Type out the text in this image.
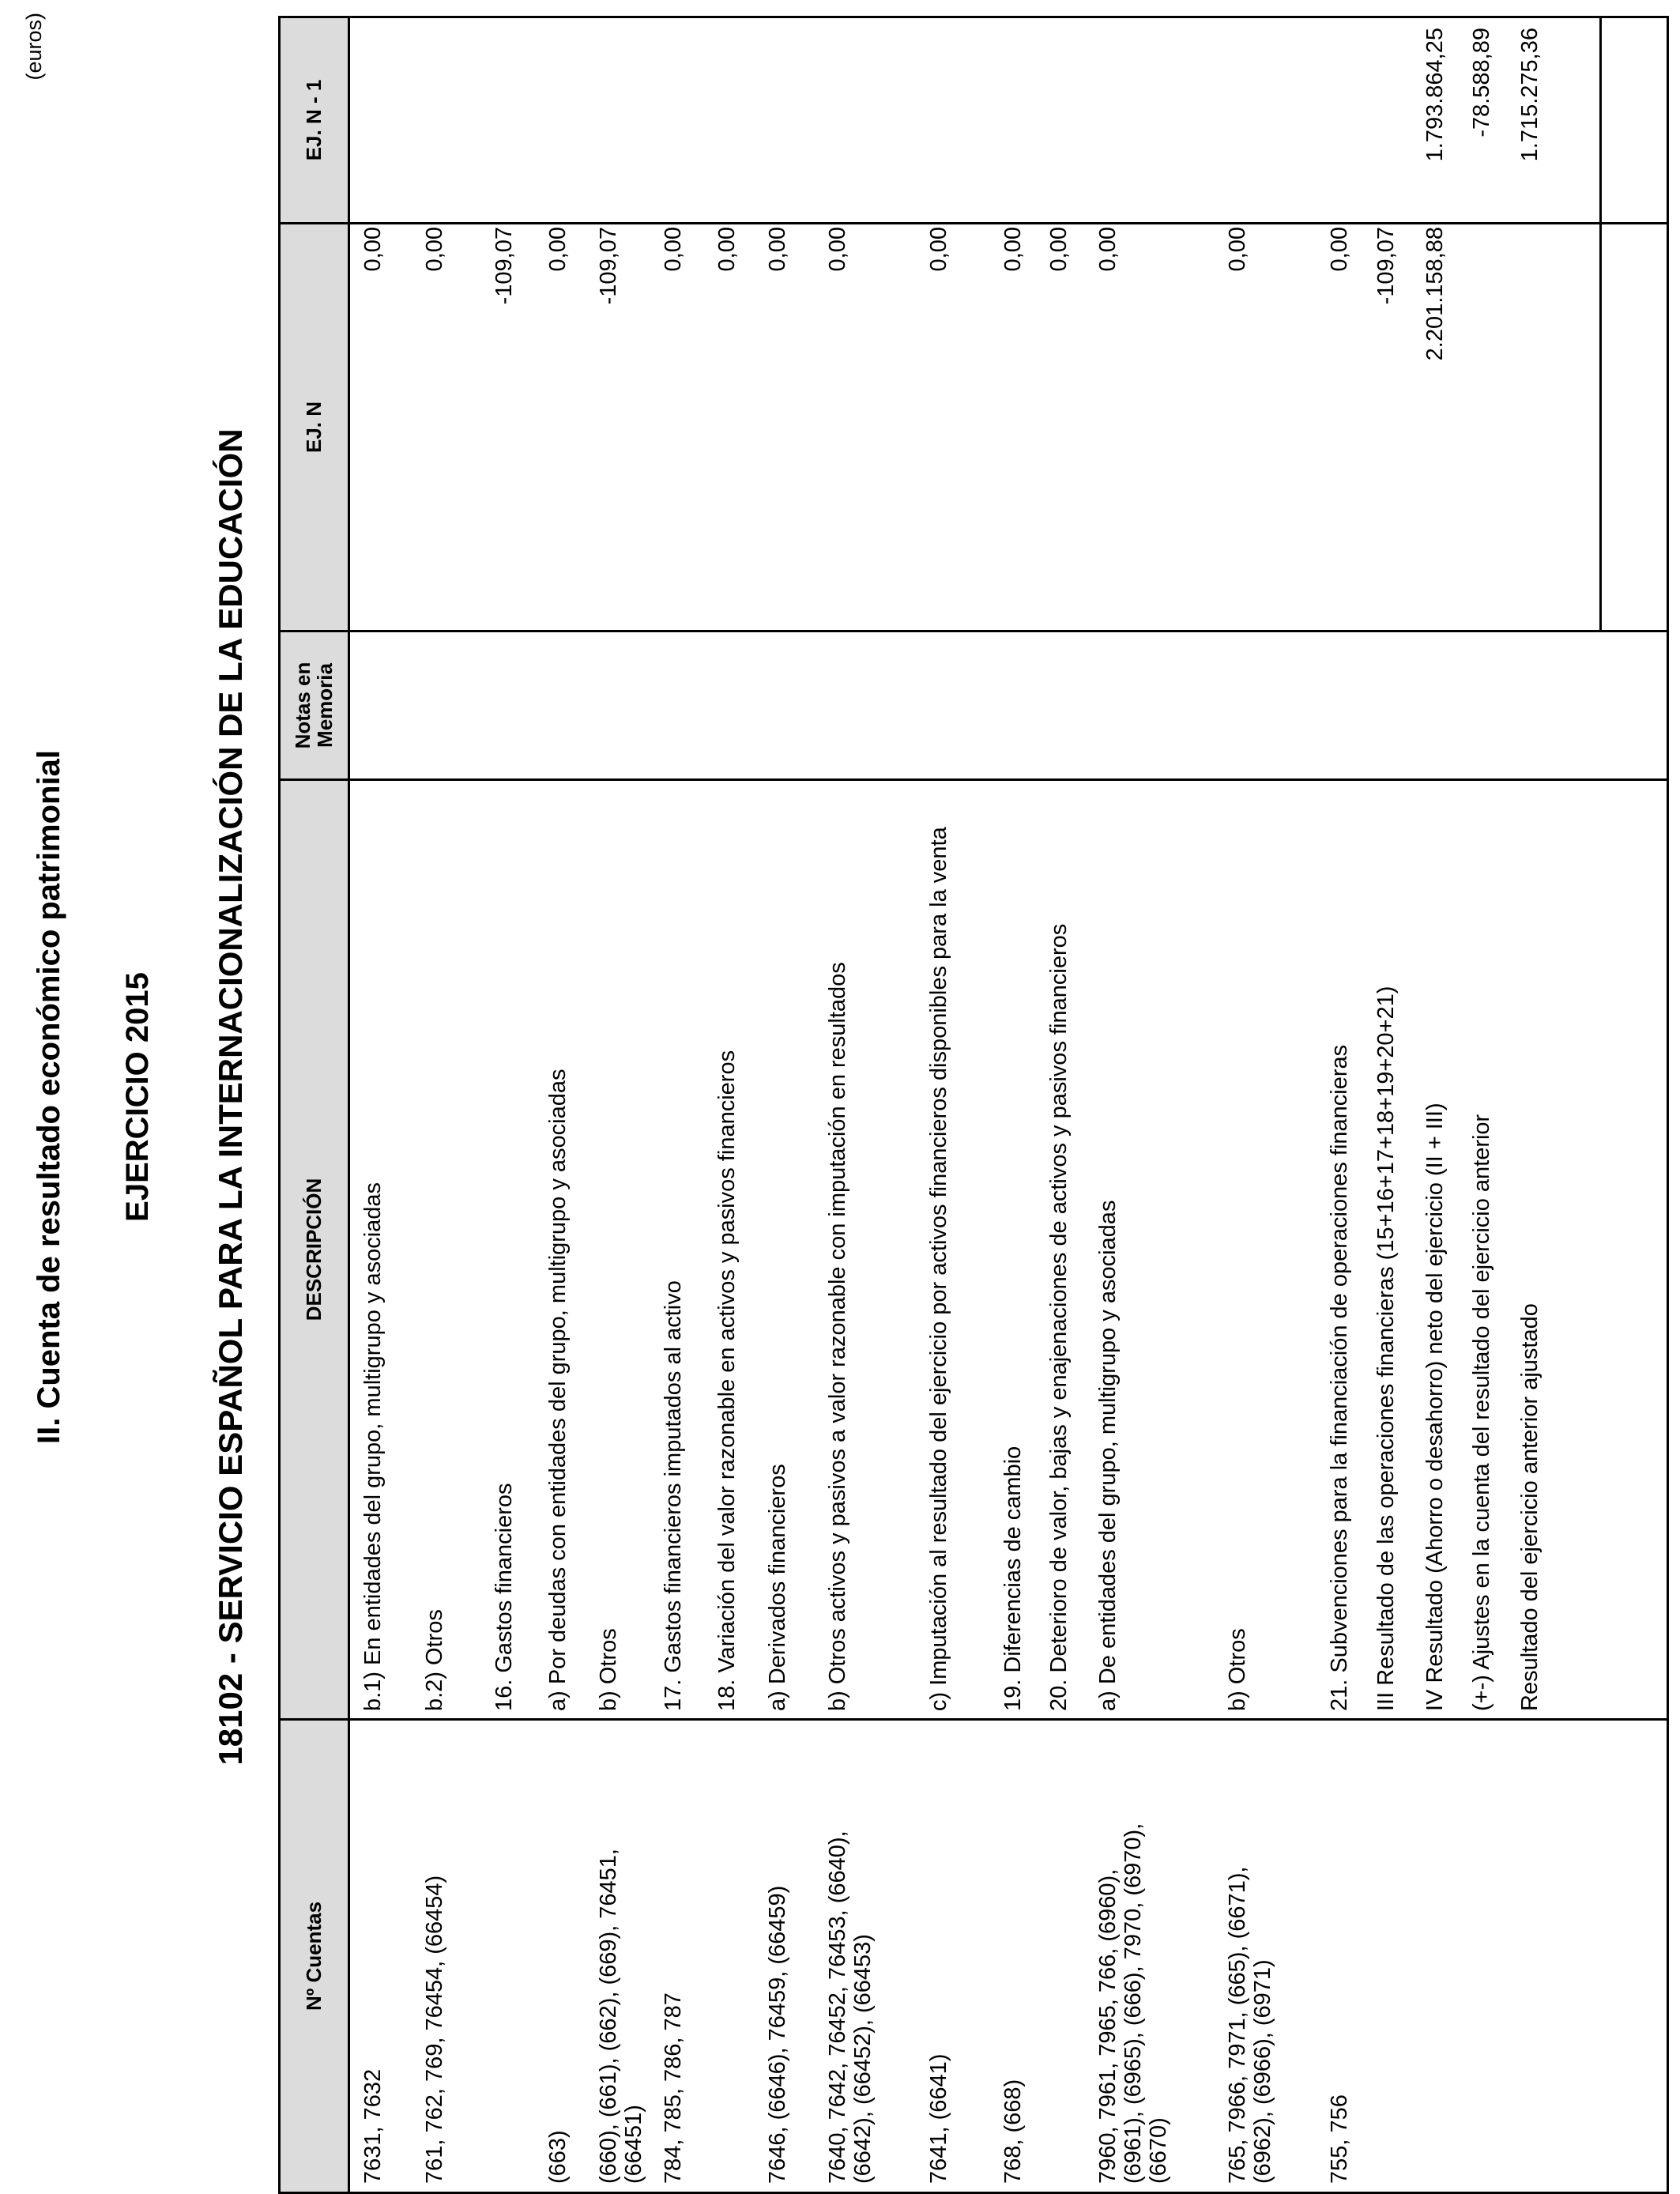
II. Cuenta de resultado económico patrimonial EJERCICIO 2015 18102 - SERVICIO ESPAÑOL PARA LA INTERNACIONALIZACIÓN DE LA EDUCACIÓN
(euros)
Nº Cuentas
DESCRIPCIÓN
Notas en Memoria
EJ. N
EJ. N - 1
7631, 7632
b.1) En entidades del grupo, multigrupo y asociadas
0,00
761, 762, 769, 76454, (66454)
b.2) Otros
0,00
16. Gastos financieros
-109,07
(663)
a) Por deudas con entidades del grupo, multigrupo y asociadas
0,00
(660), (661), (662), (669), 76451, (66451)
b) Otros
-109,07
784, 785, 786, 787
17. Gastos financieros imputados al activo
0,00
18. Variación del valor razonable en activos y pasivos financieros
0,00
7646, (6646), 76459, (66459)
a) Derivados financieros
0,00
7640, 7642, 76452, 76453, (6640), (6642), (66452), (66453)
b) Otros activos y pasivos a valor razonable con imputación en resultados
0,00
7641, (6641)
c) Imputación al resultado del ejercicio por activos financieros disponibles para la venta
0,00
768, (668)
19. Diferencias de cambio
0,00
20. Deterioro de valor, bajas y enajenaciones de activos y pasivos financieros
0,00
7960, 7961, 7965, 766, (6960), (6961), (6965), (666), 7970, (6970), (6670)
a) De entidades del grupo, multigrupo y asociadas
0,00
765, 7966, 7971, (665), (6671), (6962), (6966), (6971)
b) Otros
0,00
755, 756
21. Subvenciones para la financiación de operaciones financieras
0,00
III Resultado de las operaciones financieras (15+16+17+18+19+20+21)
-109,07
IV Resultado (Ahorro o desahorro) neto del ejercicio (II + III)
2.201.158,88
1.793.864,25
(+-) Ajustes en la cuenta del resultado del ejercicio anterior
-78.588,89
Resultado del ejercicio anterior ajustado
1.715.275,36
